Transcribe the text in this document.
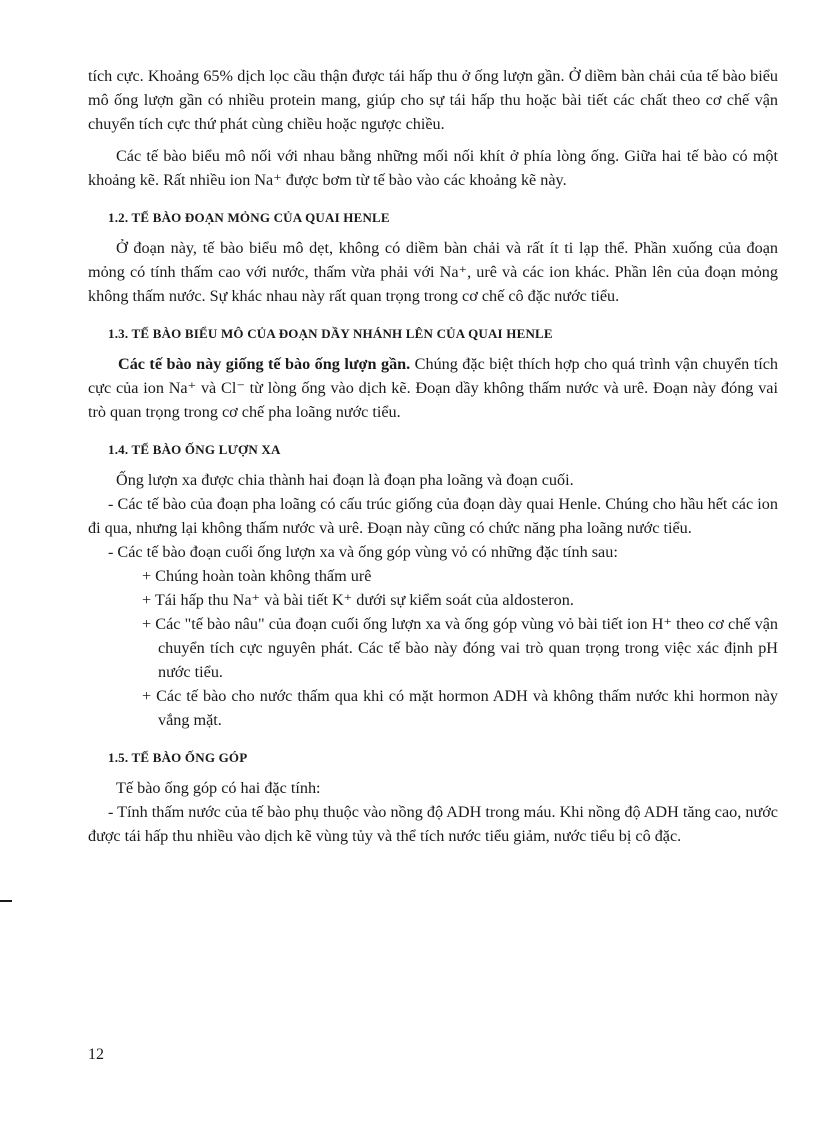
tích cực. Khoảng 65% dịch lọc cầu thận được tái hấp thu ở ống lượn gần. Ở diềm bàn chải của tế bào biểu mô ống lượn gần có nhiều protein mang, giúp cho sự tái hấp thu hoặc bài tiết các chất theo cơ chế vận chuyển tích cực thứ phát cùng chiều hoặc ngược chiều.

Các tế bào biểu mô nối với nhau bằng những mối nối khít ở phía lòng ống. Giữa hai tế bào có một khoảng kẽ. Rất nhiều ion Na⁺ được bơm từ tế bào vào các khoảng kẽ này.

1.2. TẾ BÀO ĐOẠN MỎNG CỦA QUAI HENLE

Ở đoạn này, tế bào biểu mô dẹt, không có diềm bàn chải và rất ít ti lạp thể. Phần xuống của đoạn mỏng có tính thấm cao với nước, thấm vừa phải với Na⁺, urê và các ion khác. Phần lên của đoạn mỏng không thấm nước. Sự khác nhau này rất quan trọng trong cơ chế cô đặc nước tiểu.

1.3. TẾ BÀO BIỂU MÔ CỦA ĐOẠN DẦY NHÁNH LÊN CỦA QUAI HENLE

Các tế bào này giống tế bào ống lượn gần. Chúng đặc biệt thích hợp cho quá trình vận chuyển tích cực của ion Na⁺ và Cl⁻ từ lòng ống vào dịch kẽ. Đoạn dầy không thấm nước và urê. Đoạn này đóng vai trò quan trọng trong cơ chế pha loãng nước tiểu.

1.4. TẾ BÀO ỐNG LƯỢN XA

Ống lượn xa được chia thành hai đoạn là đoạn pha loãng và đoạn cuối.

- Các tế bào của đoạn pha loãng có cấu trúc giống của đoạn dày quai Henle. Chúng cho hầu hết các ion đi qua, nhưng lại không thấm nước và urê. Đoạn này cũng có chức năng pha loãng nước tiểu.

- Các tế bào đoạn cuối ống lượn xa và ống góp vùng vỏ có những đặc tính sau:

+ Chúng hoàn toàn không thấm urê

+ Tái hấp thu Na⁺ và bài tiết K⁺ dưới sự kiểm soát của aldosteron.

+ Các "tế bào nâu" của đoạn cuối ống lượn xa và ống góp vùng vỏ bài tiết ion H⁺ theo cơ chế vận chuyển tích cực nguyên phát. Các tế bào này đóng vai trò quan trọng trong việc xác định pH nước tiểu.

+ Các tế bào cho nước thấm qua khi có mặt hormon ADH và không thấm nước khi hormon này vắng mặt.

1.5. TẾ BÀO ỐNG GÓP

Tế bào ống góp có hai đặc tính:

- Tính thấm nước của tế bào phụ thuộc vào nồng độ ADH trong máu. Khi nồng độ ADH tăng cao, nước được tái hấp thu nhiều vào dịch kẽ vùng tủy và thể tích nước tiểu giảm, nước tiểu bị cô đặc.

12
